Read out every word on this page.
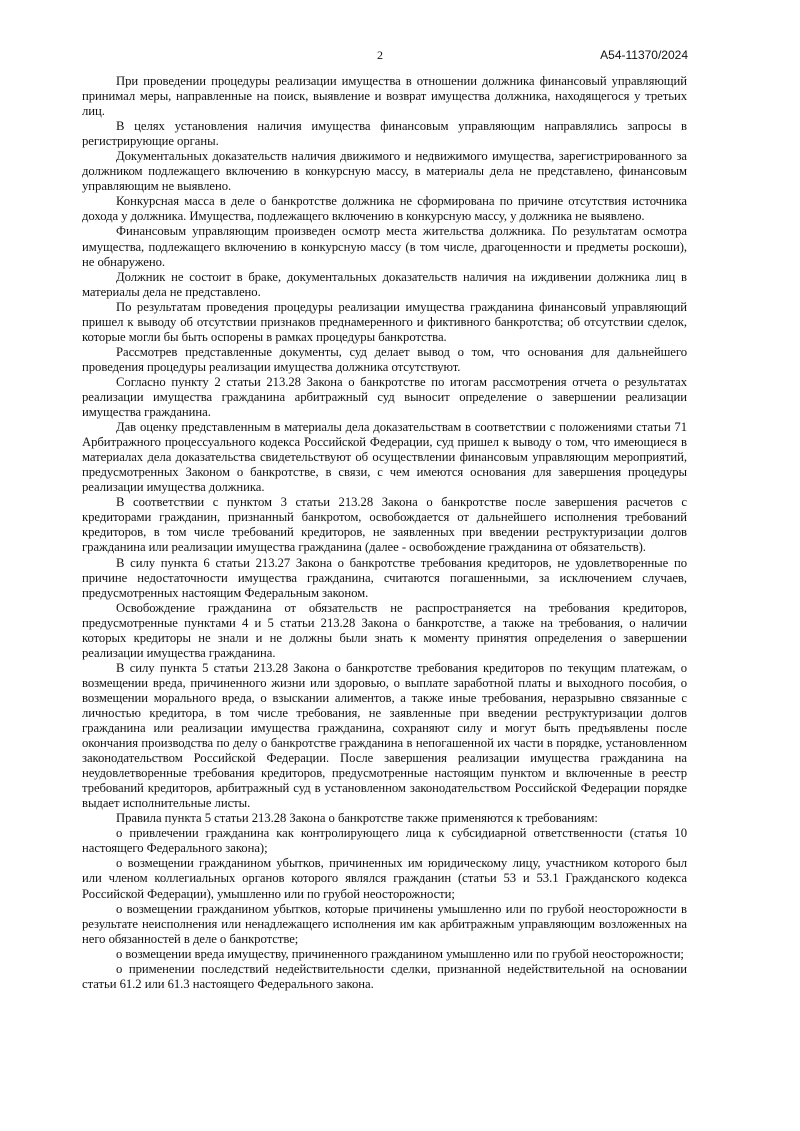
2	А54-11370/2024

При проведении процедуры реализации имущества в отношении должника финансовый управляющий принимал меры, направленные на поиск, выявление и возврат имущества должника, находящегося у третьих лиц.

В целях установления наличия имущества финансовым управляющим направлялись запросы в регистрирующие органы.

Документальных доказательств наличия движимого и недвижимого имущества, зарегистрированного за должником подлежащего включению в конкурсную массу, в материалы дела не представлено, финансовым управляющим не выявлено.

Конкурсная масса в деле о банкротстве должника не сформирована по причине отсутствия источника дохода у должника. Имущества, подлежащего включению в конкурсную массу, у должника не выявлено.

Финансовым управляющим произведен осмотр места жительства должника. По результатам осмотра имущества, подлежащего включению в конкурсную массу (в том числе, драгоценности и предметы роскоши), не обнаружено.

Должник не состоит в браке, документальных доказательств наличия на иждивении должника лиц в материалы дела не представлено.

По результатам проведения процедуры реализации имущества гражданина финансовый управляющий пришел к выводу об отсутствии признаков преднамеренного и фиктивного банкротства; об отсутствии сделок, которые могли бы быть оспорены в рамках процедуры банкротства.

Рассмотрев представленные документы, суд делает вывод о том, что основания для дальнейшего проведения процедуры реализации имущества должника отсутствуют.

Согласно пункту 2 статьи 213.28 Закона о банкротстве по итогам рассмотрения отчета о результатах реализации имущества гражданина арбитражный суд выносит определение о завершении реализации имущества гражданина.

Дав оценку представленным в материалы дела доказательствам в соответствии с положениями статьи 71 Арбитражного процессуального кодекса Российской Федерации, суд пришел к выводу о том, что имеющиеся в материалах дела доказательства свидетельствуют об осуществлении финансовым управляющим мероприятий, предусмотренных Законом о банкротстве, в связи, с чем имеются основания для завершения процедуры реализации имущества должника.

В соответствии с пунктом 3 статьи 213.28 Закона о банкротстве после завершения расчетов с кредиторами гражданин, признанный банкротом, освобождается от дальнейшего исполнения требований кредиторов, в том числе требований кредиторов, не заявленных при введении реструктуризации долгов гражданина или реализации имущества гражданина (далее - освобождение гражданина от обязательств).

В силу пункта 6 статьи 213.27 Закона о банкротстве требования кредиторов, не удовлетворенные по причине недостаточности имущества гражданина, считаются погашенными, за исключением случаев, предусмотренных настоящим Федеральным законом.

Освобождение гражданина от обязательств не распространяется на требования кредиторов, предусмотренные пунктами 4 и 5 статьи 213.28 Закона о банкротстве, а также на требования, о наличии которых кредиторы не знали и не должны были знать к моменту принятия определения о завершении реализации имущества гражданина.

В силу пункта 5 статьи 213.28 Закона о банкротстве требования кредиторов по текущим платежам, о возмещении вреда, причиненного жизни или здоровью, о выплате заработной платы и выходного пособия, о возмещении морального вреда, о взыскании алиментов, а также иные требования, неразрывно связанные с личностью кредитора, в том числе требования, не заявленные при введении реструктуризации долгов гражданина или реализации имущества гражданина, сохраняют силу и могут быть предъявлены после окончания производства по делу о банкротстве гражданина в непогашенной их части в порядке, установленном законодательством Российской Федерации. После завершения реализации имущества гражданина на неудовлетворенные требования кредиторов, предусмотренные настоящим пунктом и включенные в реестр требований кредиторов, арбитражный суд в установленном законодательством Российской Федерации порядке выдает исполнительные листы.

Правила пункта 5 статьи 213.28 Закона о банкротстве также применяются к требованиям:

о привлечении гражданина как контролирующего лица к субсидиарной ответственности (статья 10 настоящего Федерального закона);

о возмещении гражданином убытков, причиненных им юридическому лицу, участником которого был или членом коллегиальных органов которого являлся гражданин (статьи 53 и 53.1 Гражданского кодекса Российской Федерации), умышленно или по грубой неосторожности;

о возмещении гражданином убытков, которые причинены умышленно или по грубой неосторожности в результате неисполнения или ненадлежащего исполнения им как арбитражным управляющим возложенных на него обязанностей в деле о банкротстве;

о возмещении вреда имуществу, причиненного гражданином умышленно или по грубой неосторожности;

о применении последствий недействительности сделки, признанной недействительной на основании статьи 61.2 или 61.3 настоящего Федерального закона.
